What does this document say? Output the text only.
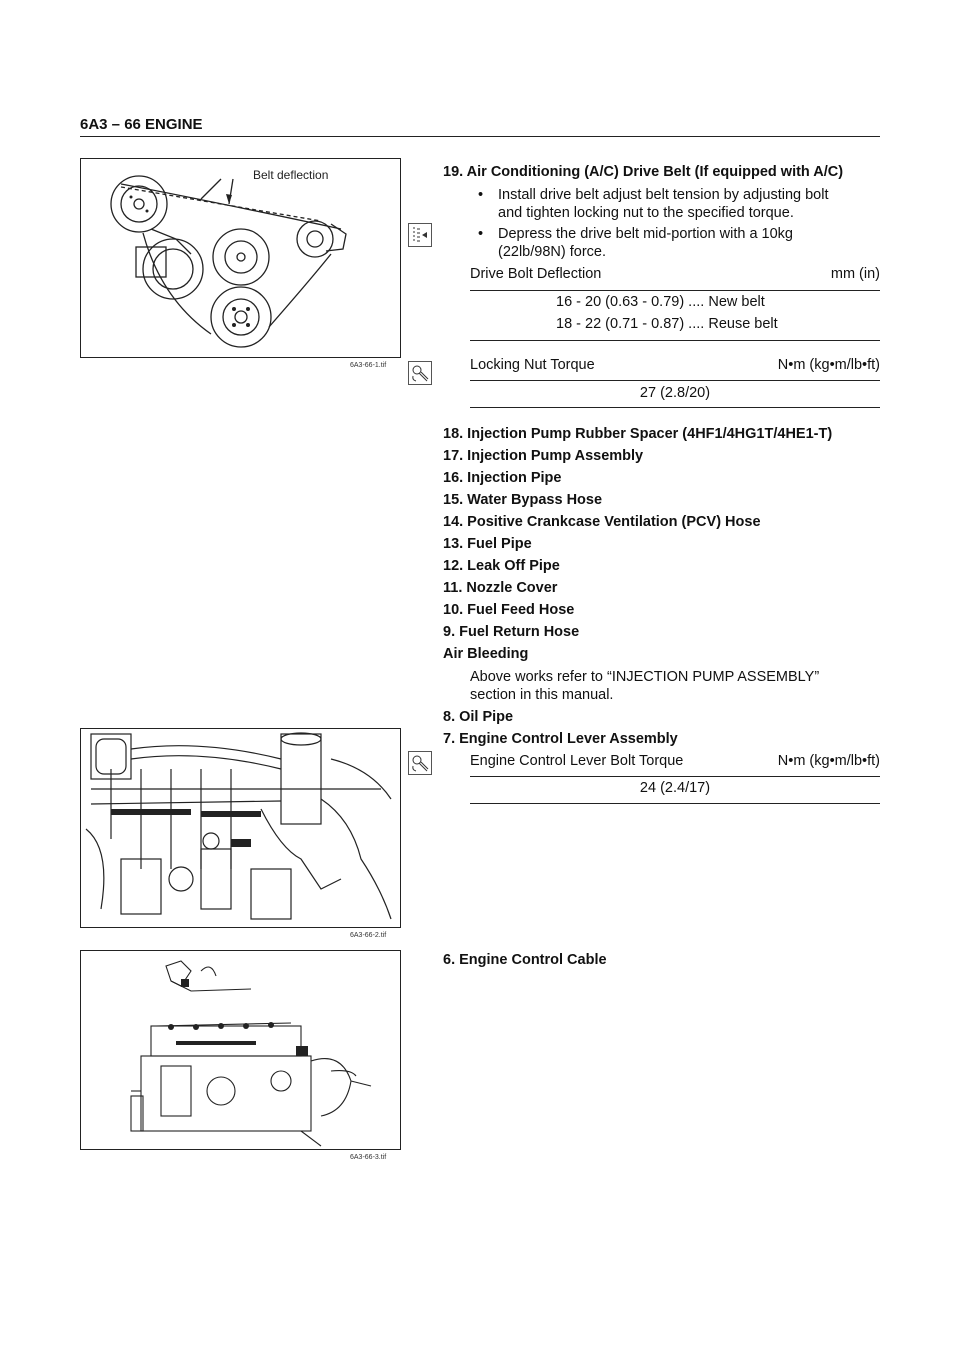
6A3 – 66 ENGINE
Belt deflection
6A3-66-1.tif
19. Air Conditioning (A/C) Drive Belt (If equipped with A/C)
• Install drive belt adjust belt tension by adjusting bolt
and tighten locking nut to the specified torque.
• Depress the drive belt mid-portion with a 10kg
(22lb/98N) force.
Drive Bolt Deflection	mm (in)
16 - 20 (0.63 - 0.79) .... New belt
18 - 22 (0.71 - 0.87) .... Reuse belt
Locking Nut Torque	N•m (kg•m/lb•ft)
27 (2.8/20)
18. Injection Pump Rubber Spacer (4HF1/4HG1T/4HE1-T)
17. Injection Pump Assembly
16. Injection Pipe
15. Water Bypass Hose
14. Positive Crankcase Ventilation (PCV) Hose
13. Fuel Pipe
12. Leak Off Pipe
11. Nozzle Cover
10. Fuel Feed Hose
9. Fuel Return Hose
Air Bleeding
Above works refer to “INJECTION PUMP ASSEMBLY”
section in this manual.
8. Oil Pipe
6A3-66-2.tif
7. Engine Control Lever Assembly
Engine Control Lever Bolt Torque	N•m (kg•m/lb•ft)
24 (2.4/17)
6A3-66-3.tif
6. Engine Control Cable
